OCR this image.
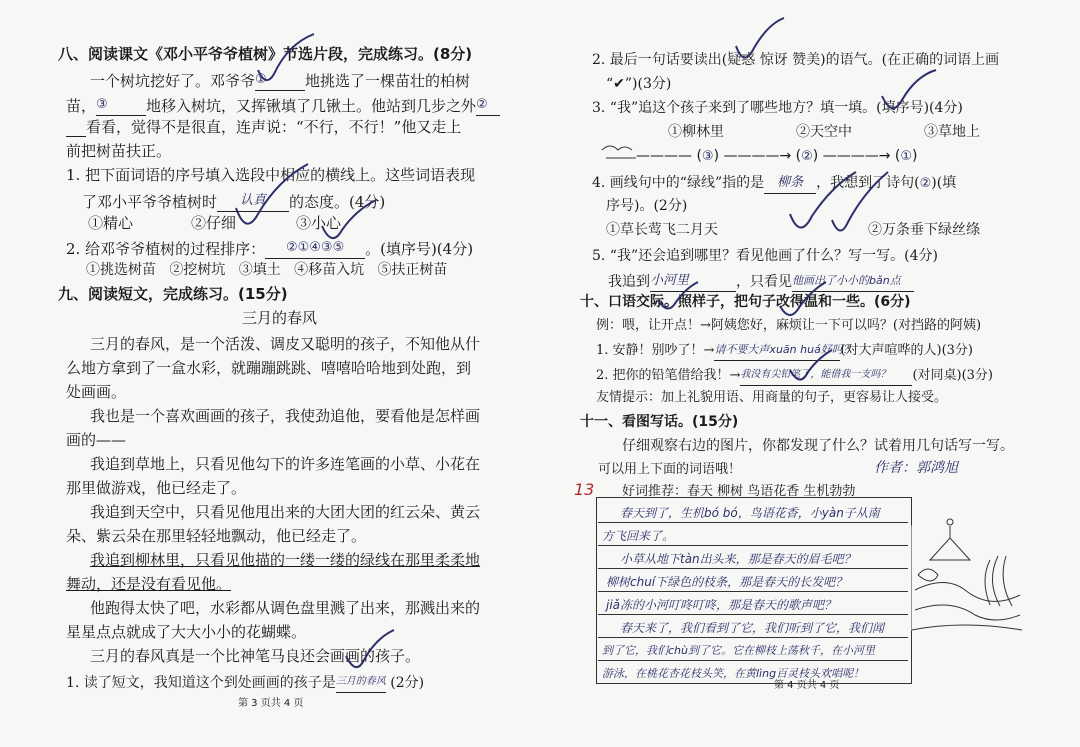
八、阅读课文《邓小平爷爷植树》节选片段，完成练习。(8分)
一个树坑挖好了。邓爷爷①	地挑选了一棵苗壮的柏树
苗，③	地移入树坑，又挥锹填了几锹土。他站到几步之外②
看看，觉得不是很直，连声说：“不行，不行！”他又走上
前把树苗扶正。
1. 把下面词语的序号填入选段中相应的横线上。这些词语表现
了邓小平爷爷植树时 认真 的态度。(4分)
①精心	②仔细	③小心
2. 给邓爷爷植树的过程排序： ②①④③⑤ 。(填序号)(4分)
①挑选树苗 ②挖树坑 ③填土 ④移苗入坑 ⑤扶正树苗
九、阅读短文，完成练习。(15分)
三月的春风
三月的春风，是一个活泼、调皮又聪明的孩子，不知他从什
么地方拿到了一盒水彩，就蹦蹦跳跳、嘻嘻哈哈地到处跑，到
处画画。
我也是一个喜欢画画的孩子，我使劲追他，要看他是怎样画
画的——
我追到草地上，只看见他勾下的许多连笔画的小草、小花在
那里做游戏，他已经走了。
我追到天空中，只看见他甩出来的大团大团的红云朵、黄云
朵、紫云朵在那里轻轻地飘动，他已经走了。
我追到柳林里，只看见他描的一缕一缕的绿线在那里柔柔地
舞动，还是没有看见他。
他跑得太快了吧，水彩都从调色盘里溅了出来，那溅出来的
星星点点就成了大大小小的花蝴蝶。
三月的春风真是一个比神笔马良还会画画的孩子。
1. 读了短文，我知道这个到处画画的孩子是三月的春风 (2分)
第 3 页共 4 页
2. 最后一句话要读出(疑惑 惊讶 赞美)的语气。(在正确的词语上画
“✔”)(3分)
3. “我”追这个孩子来到了哪些地方？填一填。(填序号)(4分)
①柳林里	②天空中	③草地上
———— (③) ————→ (②) ————→ (①)
4. 画线句中的“绿线”指的是 柳条 ，我想到了诗句(②)(填
序号)。(2分)
①草长莺飞二月天	②万条垂下绿丝绦
5. “我”还会追到哪里？看见他画了什么？写一写。(4分)
我追到小河里	，只看见他画出了小小的bǎn点
十、口语交际。照样子，把句子改得温和一些。(6分)
例：喂，让开点！→阿姨您好，麻烦让一下可以吗？(对挡路的阿姨)
1. 安静！别吵了！→请不要大声xuān huá好吗？(对大声喧哗的人)(3分)
2. 把你的铅笔借给我！→我没有尖铅笔了，能借我一支吗？ (对同桌)(3分)
友情提示：加上礼貌用语、用商量的句子，更容易让人接受。
十一、看图写话。(15分)
仔细观察右边的图片，你都发现了什么？试着用几句话写一写。
可以用上下面的词语哦！	作者：郭鸿旭
13 好词推荐：春天 柳树 鸟语花香 生机勃勃
第 4 页共 4 页
春天到了，生机bó bó，鸟语花香，小yàn子从南
方飞回来了。
小草从地下tàn出头来，那是春天的眉毛吧？
柳树chuí下绿色的枝条，那是春天的长发吧？
jiǎ冻的小河叮咚叮咚，那是春天的歌声吧？
春天来了，我们看到了它，我们听到了它，我们闻
到了它，我们chù到了它。它在柳枝上荡秋千，在小河里
游泳，在桃花杏花枝头笑，在黄lìng百灵枝头欢唱呢！
